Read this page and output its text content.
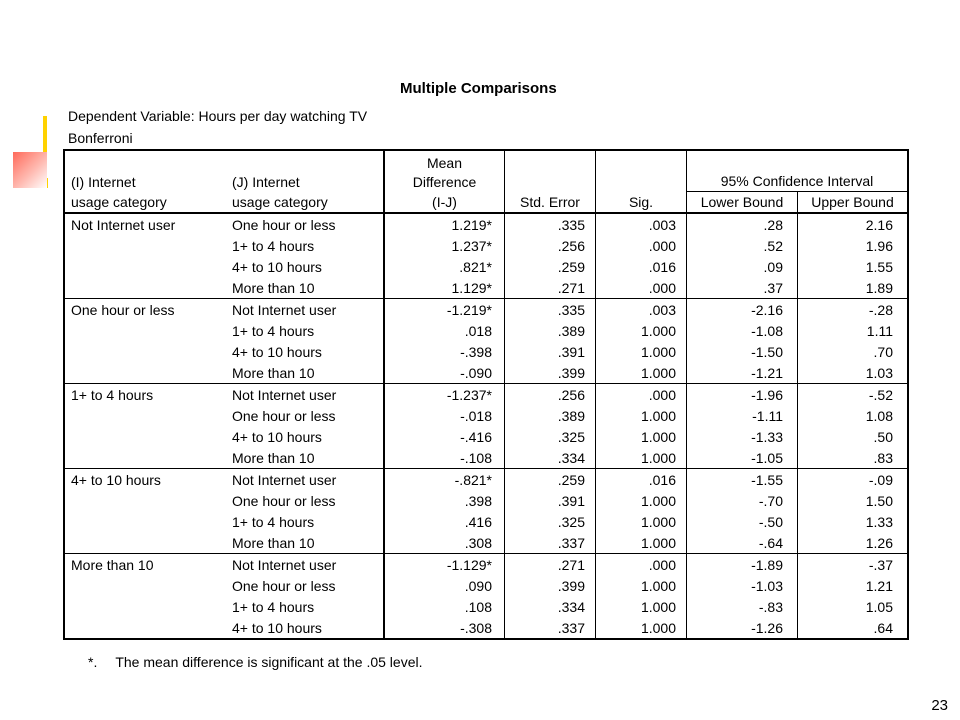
Multiple Comparisons
Dependent Variable: Hours per day watching TV
Bonferroni
(I) Internet	(J) Internet	Mean
Difference			95% Confidence Interval	
usage category	usage category	(I-J)	Std. Error	Sig.	Lower Bound	Upper Bound
Not Internet user	One hour or less	1.219*	.335	.003	.28	2.16
	1+ to 4 hours	1.237*	.256	.000	.52	1.96
	4+ to 10 hours	.821*	.259	.016	.09	1.55
	More than 10	1.129*	.271	.000	.37	1.89
One hour or less	Not Internet user	-1.219*	.335	.003	-2.16	-.28
	1+ to 4 hours	.018	.389	1.000	-1.08	1.11
	4+ to 10 hours	-.398	.391	1.000	-1.50	.70
	More than 10	-.090	.399	1.000	-1.21	1.03
1+ to 4 hours	Not Internet user	-1.237*	.256	.000	-1.96	-.52
	One hour or less	-.018	.389	1.000	-1.11	1.08
	4+ to 10 hours	-.416	.325	1.000	-1.33	.50
	More than 10	-.108	.334	1.000	-1.05	.83
4+ to 10 hours	Not Internet user	-.821*	.259	.016	-1.55	-.09
	One hour or less	.398	.391	1.000	-.70	1.50
	1+ to 4 hours	.416	.325	1.000	-.50	1.33
	More than 10	.308	.337	1.000	-.64	1.26
More than 10	Not Internet user	-1.129*	.271	.000	-1.89	-.37
	One hour or less	.090	.399	1.000	-1.03	1.21
	1+ to 4 hours	.108	.334	1.000	-.83	1.05
	4+ to 10 hours	-.308	.337	1.000	-1.26	.64
*. The mean difference is significant at the .05 level.
23
